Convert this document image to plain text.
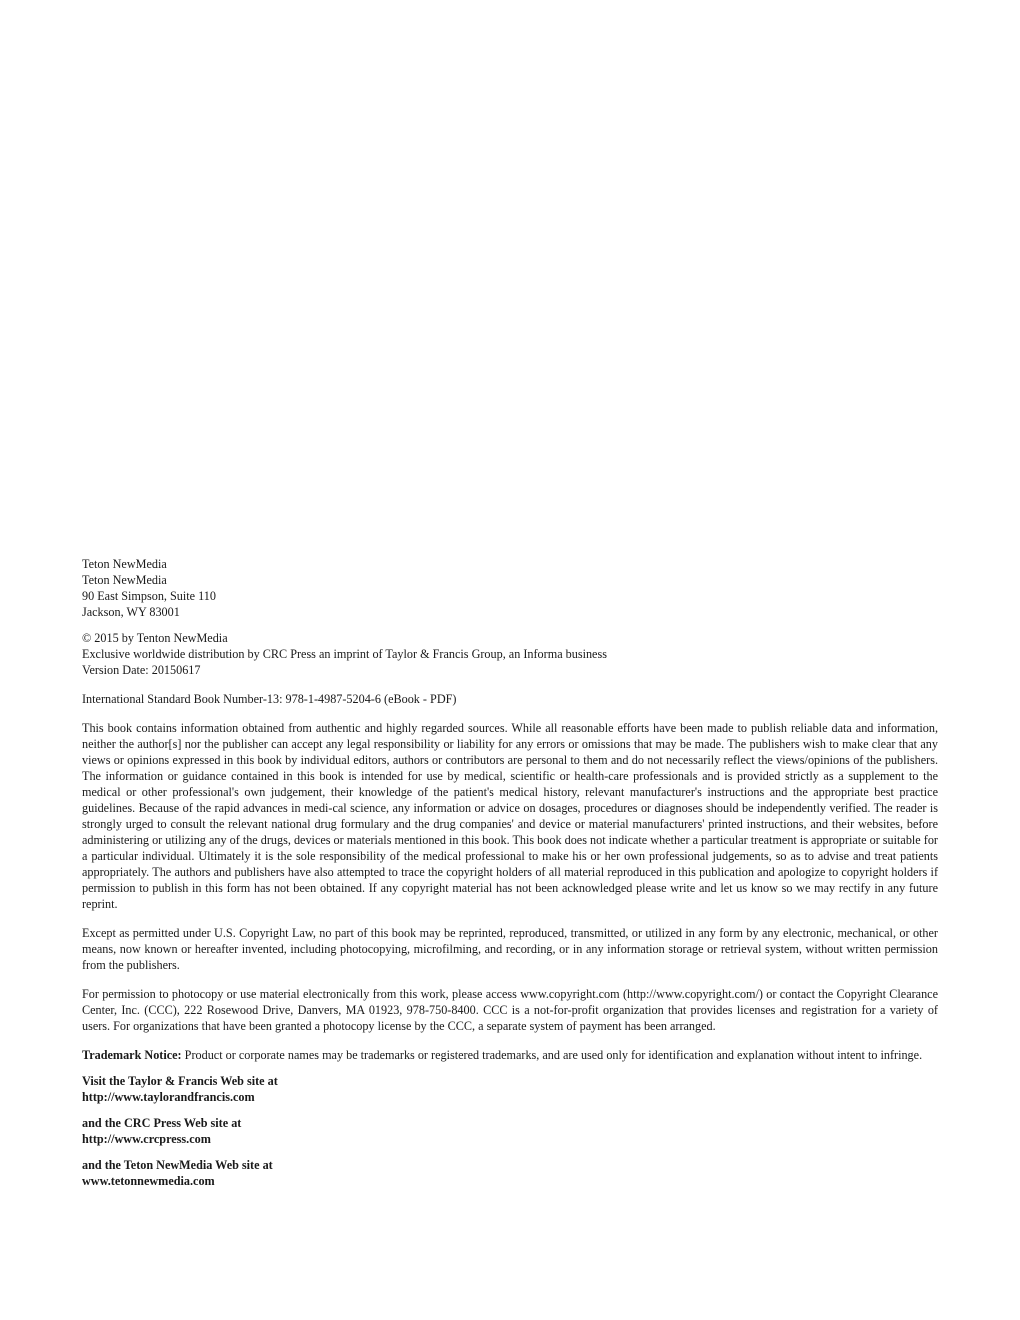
Teton NewMedia
Teton NewMedia
90 East Simpson, Suite 110
Jackson, WY 83001
© 2015 by Tenton NewMedia
Exclusive worldwide distribution by CRC Press an imprint of Taylor & Francis Group, an Informa business
Version Date: 20150617

International Standard Book Number-13: 978-1-4987-5204-6 (eBook - PDF)

This book contains information obtained from authentic and highly regarded sources. While all reasonable efforts have been made to publish reliable data and information, neither the author[s] nor the publisher can accept any legal responsibility or liability for any errors or omissions that may be made. The publishers wish to make clear that any views or opinions expressed in this book by individual editors, authors or contributors are personal to them and do not necessarily reflect the views/opinions of the publishers. The information or guidance contained in this book is intended for use by medical, scientific or health-care professionals and is provided strictly as a supplement to the medical or other professional's own judgement, their knowledge of the patient's medical history, relevant manufacturer's instructions and the appropriate best practice guidelines. Because of the rapid advances in medi-cal science, any information or advice on dosages, procedures or diagnoses should be independently verified. The reader is strongly urged to consult the relevant national drug formulary and the drug companies' and device or material manufacturers' printed instructions, and their websites, before administering or utilizing any of the drugs, devices or materials mentioned in this book. This book does not indicate whether a particular treatment is appropriate or suitable for a particular individual. Ultimately it is the sole responsibility of the medical professional to make his or her own professional judgements, so as to advise and treat patients appropriately. The authors and publishers have also attempted to trace the copyright holders of all material reproduced in this publication and apologize to copyright holders if permission to publish in this form has not been obtained. If any copyright material has not been acknowledged please write and let us know so we may rectify in any future reprint.

Except as permitted under U.S. Copyright Law, no part of this book may be reprinted, reproduced, transmitted, or utilized in any form by any electronic, mechanical, or other means, now known or hereafter invented, including photocopying, microfilming, and recording, or in any information storage or retrieval system, without written permission from the publishers.

For permission to photocopy or use material electronically from this work, please access www.copyright.com (http://www.copyright.com/) or contact the Copyright Clearance Center, Inc. (CCC), 222 Rosewood Drive, Danvers, MA 01923, 978-750-8400. CCC is a not-for-profit organization that provides licenses and registration for a variety of users. For organizations that have been granted a photocopy license by the CCC, a separate system of payment has been arranged.

Trademark Notice: Product or corporate names may be trademarks or registered trademarks, and are used only for identification and explanation without intent to infringe.

Visit the Taylor & Francis Web site at
http://www.taylorandfrancis.com
and the CRC Press Web site at
http://www.crcpress.com
and the Teton NewMedia Web site at
www.tetonnewmedia.com
